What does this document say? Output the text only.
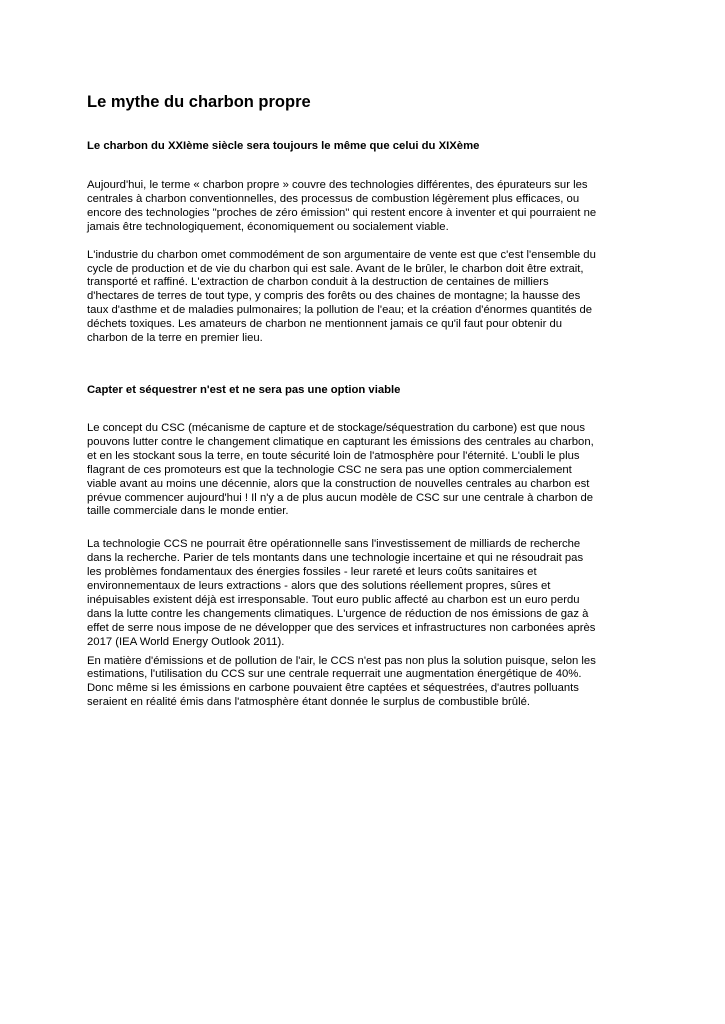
Le mythe du charbon propre
Le charbon du XXIème siècle sera toujours le même que celui du XIXème

Aujourd'hui, le terme « charbon propre » couvre des technologies différentes, des épurateurs sur les
centrales à charbon conventionnelles, des processus de combustion légèrement plus efficaces, ou
encore des technologies "proches de zéro émission" qui restent encore à inventer et qui pourraient ne
jamais être technologiquement, économiquement ou socialement viable.

L'industrie du charbon omet commodément de son argumentaire de vente est que c'est l'ensemble du
cycle de production et de vie du charbon qui est sale. Avant de le brûler, le charbon doit être extrait,
transporté et raffiné. L'extraction de charbon conduit à la destruction de centaines de milliers
d'hectares de terres de tout type, y compris des forêts ou des chaines de montagne; la hausse des
taux d'asthme et de maladies pulmonaires; la pollution de l'eau; et la création d'énormes quantités de
déchets toxiques. Les amateurs de charbon ne mentionnent jamais ce qu'il faut pour obtenir du
charbon de la terre en premier lieu.

Capter et séquestrer n'est et ne sera pas une option viable

Le concept du CSC (mécanisme de capture et de stockage/séquestration du carbone) est que nous
pouvons lutter contre le changement climatique en capturant les émissions des centrales au charbon,
et en les stockant sous la terre, en toute sécurité loin de l'atmosphère pour l'éternité. L'oubli le plus
flagrant de ces promoteurs est que la technologie CSC ne sera pas une option commercialement
viable avant au moins une décennie, alors que la construction de nouvelles centrales au charbon est
prévue commencer aujourd'hui ! Il n'y a de plus aucun modèle de CSC sur une centrale à charbon de
taille commerciale dans le monde entier.

La technologie CCS ne pourrait être opérationnelle sans l'investissement de milliards de recherche
dans la recherche. Parier de tels montants dans une technologie incertaine et qui ne résoudrait pas
les problèmes fondamentaux des énergies fossiles - leur rareté et leurs coûts sanitaires et
environnementaux de leurs extractions - alors que des solutions réellement propres, sûres et
inépuisables existent déjà est irresponsable. Tout euro public affecté au charbon est un euro perdu
dans la lutte contre les changements climatiques. L'urgence de réduction de nos émissions de gaz à
effet de serre nous impose de ne développer que des services et infrastructures non carbonées après
2017 (IEA World Energy Outlook 2011).

En matière d'émissions et de pollution de l'air, le CCS n'est pas non plus la solution puisque, selon les
estimations, l'utilisation du CCS sur une centrale requerrait une augmentation énergétique de 40%.
Donc même si les émissions en carbone pouvaient être captées et séquestrées, d'autres polluants
seraient en réalité émis dans l'atmosphère étant donnée le surplus de combustible brûlé.
